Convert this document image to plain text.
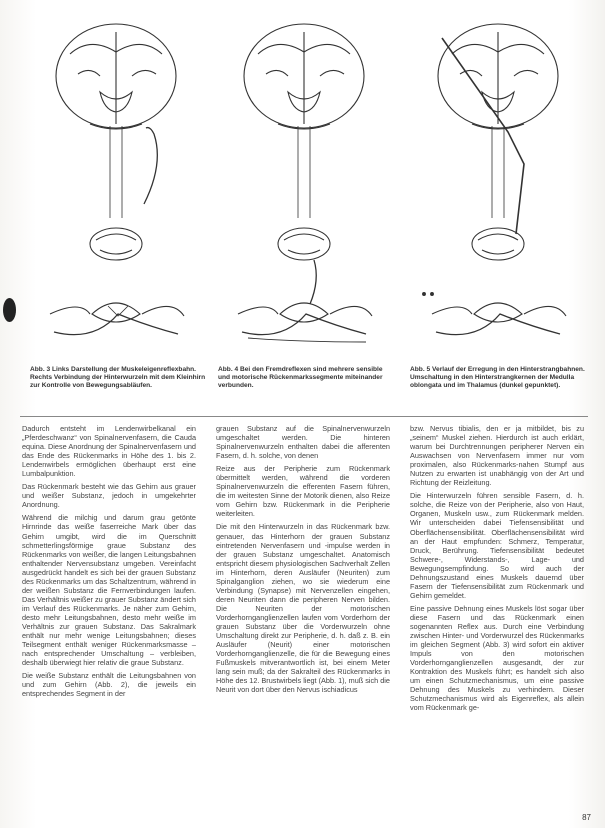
Abb. 3 Links Darstellung der Muskeleigenreflexbahn. Rechts Verbindung der Hinterwurzeln mit dem Kleinhirn zur Kontrolle von Bewegungsabläufen.
Abb. 4 Bei den Fremdreflexen sind mehrere sensible und motorische Rückenmarkssegmente miteinander verbunden.
Abb. 5 Verlauf der Erregung in den Hinterstrangbahnen. Umschaltung in den Hinterstrangkernen der Medulla oblongata und im Thalamus (dunkel gepunktet).

Dadurch entsteht im Lendenwirbelkanal ein „Pferdeschwanz“ von Spinalnervenfasern, die Cauda equina. Diese Anordnung der Spinalnervenfasern und das Ende des Rückenmarks in Höhe des 1. bis 2. Lendenwirbels ermöglichen überhaupt erst eine Lumbalpunktion.

Das Rückenmark besteht wie das Gehirn aus grauer und weißer Substanz, jedoch in umgekehrter Anordnung.

Während die milchig und darum grau getönte Hirnrinde das weiße faserreiche Mark über das Gehirn umgibt, wird die im Querschnitt schmetterlingsförmige graue Substanz des Rückenmarks von weißer, die langen Leitungsbahnen enthaltender Nervensubstanz umgeben. Vereinfacht ausgedrückt handelt es sich bei der grauen Substanz des Rückenmarks um das Schaltzentrum, während in der weißen Substanz die Fernverbindungen laufen. Das Verhältnis weißer zu grauer Substanz ändert sich im Verlauf des Rückenmarks. Je näher zum Gehirn, desto mehr Leitungsbahnen, desto mehr weiße im Verhältnis zur grauen Substanz. Das Sakralmark enthält nur mehr wenige Leitungsbahnen; dieses Teilsegment enthält weniger Rückenmarksmasse – nach entsprechender Umschaltung – verbleiben, deshalb überwiegt hier relativ die graue Substanz.

Die weiße Substanz enthält die Leitungsbahnen von und zum Gehirn (Abb. 2), die jeweils ein entsprechendes Segment in der

grauen Substanz auf die Spinalnervenwurzeln umgeschaltet werden. Die hinteren Spinalnervenwurzeln enthalten dabei die afferenten Fasern, d. h. solche, von denen

Reize aus der Peripherie zum Rückenmark übermittelt werden, während die vorderen Spinalnervenwurzeln die efferenten Fasern führen, die im weitesten Sinne der Motorik dienen, also Reize vom Gehirn bzw. Rückenmark in die Peripherie weiterleiten.

Die mit den Hinterwurzeln in das Rückenmark bzw. genauer, das Hinterhorn der grauen Substanz eintretenden Nervenfasern und -impulse werden in der grauen Substanz umgeschaltet. Anatomisch entspricht diesem physiologischen Sachverhalt Zellen im Hinterhorn, deren Ausläufer (Neuriten) zum Spinalganglion ziehen, wo sie wiederum eine Verbindung (Synapse) mit Nervenzellen eingehen, deren Neuriten dann die peripheren Nerven bilden. Die Neuriten der motorischen Vorderhornganglienzellen laufen vom Vorderhorn der grauen Substanz über die Vorderwurzeln ohne Umschaltung direkt zur Peripherie, d. h. daß z. B. ein Ausläufer (Neurit) einer motorischen Vorderhornganglienzelle, die für die Bewegung eines Fußmuskels mitverantwortlich ist, bei einem Meter lang sein muß; da der Sakralteil des Rückenmarks in Höhe des 12. Brustwirbels liegt (Abb. 1), muß sich die Neurit von dort über den Nervus ischiadicus

bzw. Nervus tibialis, den er ja mitbildet, bis zu „seinem“ Muskel ziehen. Hierdurch ist auch erklärt, warum bei Durchtrennungen peripherer Nerven ein Auswachsen von Nervenfasern immer nur vom proximalen, also Rückenmarks-nahen Stumpf aus Nutzen zu erwarten ist unabhängig von der Art und Richtung der Reizleitung.

Die Hinterwurzeln führen sensible Fasern, d. h. solche, die Reize von der Peripherie, also von Haut, Organen, Muskeln usw., zum Rückenmark melden. Wir unterscheiden dabei Tiefensensibilität und Oberflächensensibilität. Oberflächensensibilität wird an der Haut empfunden: Schmerz, Temperatur, Druck, Berührung. Tiefensensibilität bedeutet Schwere-, Widerstands-, Lage- und Bewegungsempfindung. So wird auch der Dehnungszustand eines Muskels dauernd über Fasern der Tiefensensibilität zum Rückenmark und Gehirn gemeldet.

Eine passive Dehnung eines Muskels löst sogar über diese Fasern und das Rückenmark einen sogenannten Reflex aus. Durch eine Verbindung zwischen Hinter- und Vorderwurzel des Rückenmarks im gleichen Segment (Abb. 3) wird sofort ein aktiver Impuls von den motorischen Vorderhornganglienzellen ausgesandt, der zur Kontraktion des Muskels führt; es handelt sich also um einen Schutzmechanismus, um eine passive Dehnung des Muskels zu verhindern. Dieser Schutzmechanismus wird als Eigenreflex, als allein vom Rückenmark ge-

87
